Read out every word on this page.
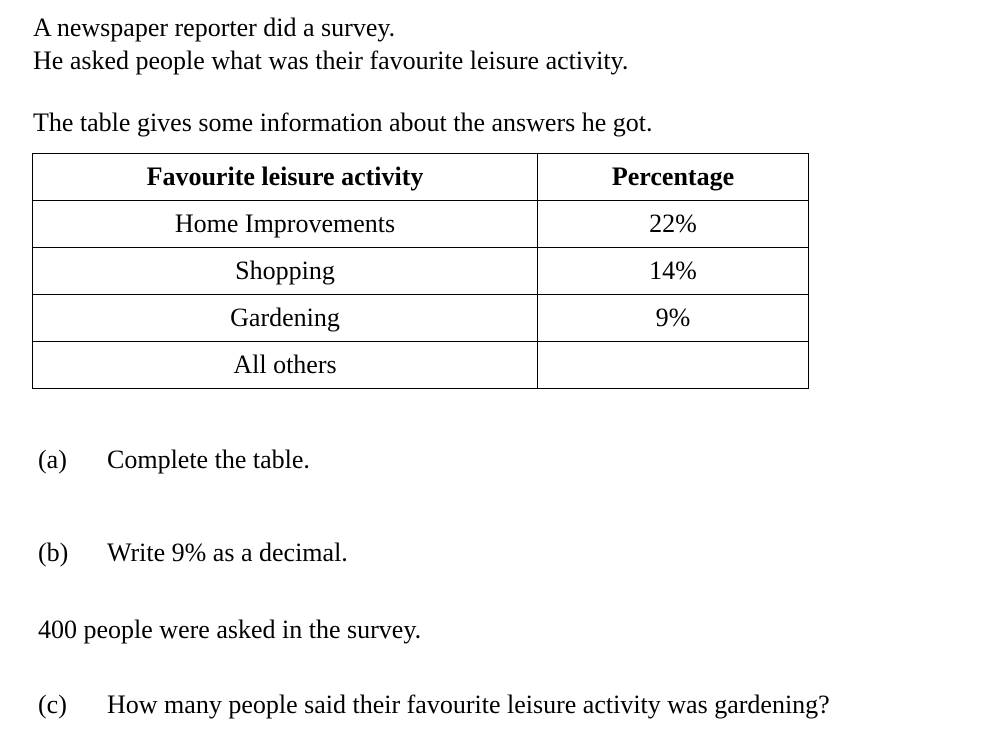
A newspaper reporter did a survey.
He asked people what was their favourite leisure activity.
The table gives some information about the answers he got.
Favourite leisure activity	Percentage
Home Improvements	22%
Shopping	14%
Gardening	9%
All others	
(a) Complete the table.
(b) Write 9% as a decimal.
400 people were asked in the survey.
(c) How many people said their favourite leisure activity was gardening?
